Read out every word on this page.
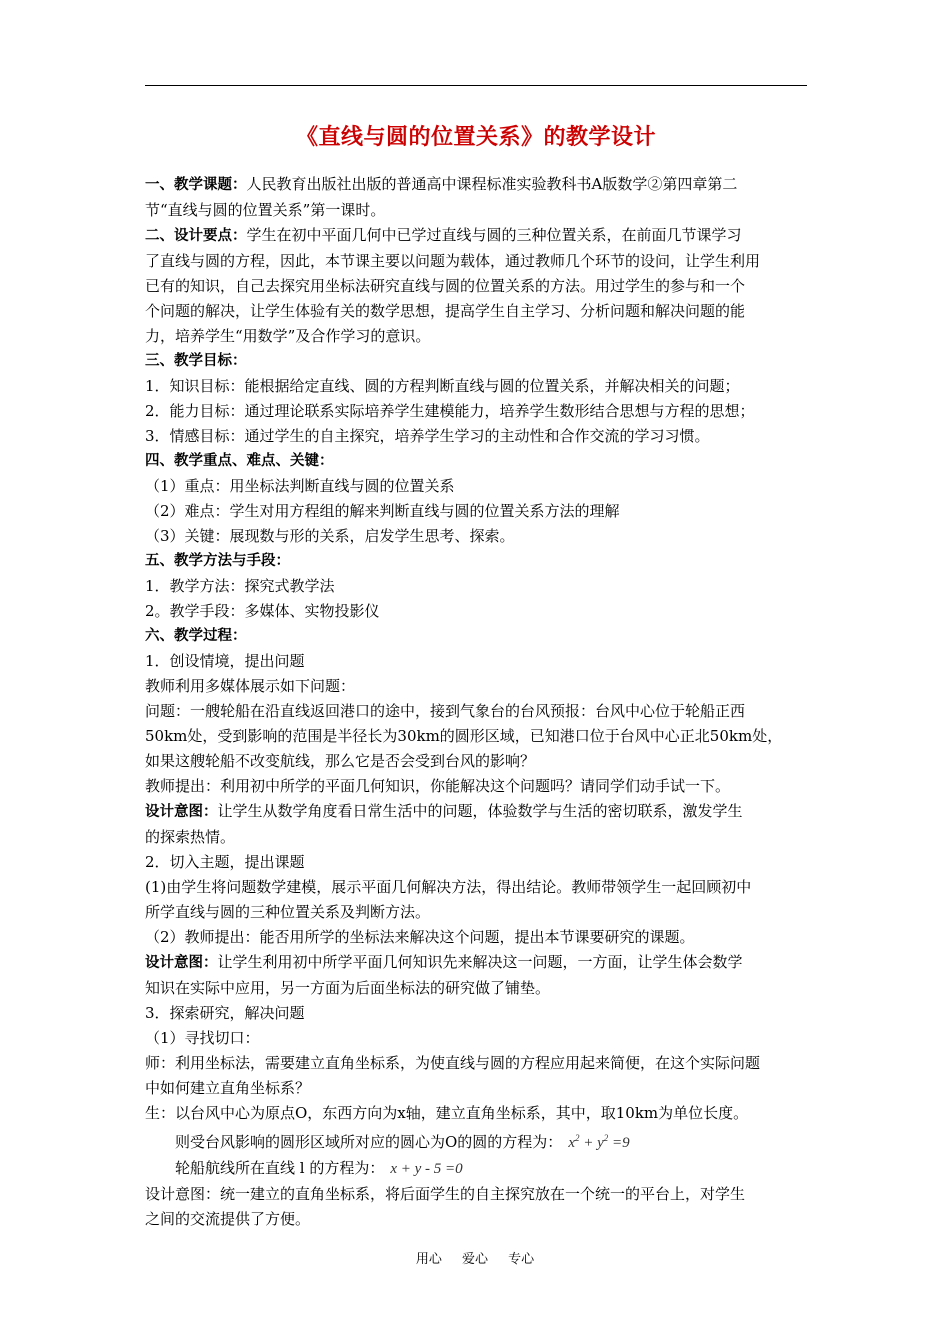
《直线与圆的位置关系》的教学设计

一、教学课题：人民教育出版社出版的普通高中课程标准实验教科书A版数学②第四章第二

节“直线与圆的位置关系”第一课时。

二、设计要点：学生在初中平面几何中已学过直线与圆的三种位置关系，在前面几节课学习

了直线与圆的方程，因此，本节课主要以问题为载体，通过教师几个环节的设问，让学生利用

已有的知识，自己去探究用坐标法研究直线与圆的位置关系的方法。用过学生的参与和一个

个问题的解决，让学生体验有关的数学思想，提高学生自主学习、分析问题和解决问题的能

力，培养学生“用数学”及合作学习的意识。

三、教学目标：

1．知识目标：能根据给定直线、圆的方程判断直线与圆的位置关系，并解决相关的问题；

2．能力目标：通过理论联系实际培养学生建模能力，培养学生数形结合思想与方程的思想；

3．情感目标：通过学生的自主探究，培养学生学习的主动性和合作交流的学习习惯。

四、教学重点、难点、关键：

（1）重点：用坐标法判断直线与圆的位置关系

（2）难点：学生对用方程组的解来判断直线与圆的位置关系方法的理解

（3）关键：展现数与形的关系，启发学生思考、探索。

五、教学方法与手段：

1．教学方法：探究式教学法

2。教学手段：多媒体、实物投影仪

六、教学过程：

1．创设情境，提出问题

教师利用多媒体展示如下问题：

问题：一艘轮船在沿直线返回港口的途中，接到气象台的台风预报：台风中心位于轮船正西

50km处，受到影响的范围是半径长为30km的圆形区域，已知港口位于台风中心正北50km处，

如果这艘轮船不改变航线，那么它是否会受到台风的影响？

教师提出：利用初中所学的平面几何知识，你能解决这个问题吗？请同学们动手试一下。

设计意图：让学生从数学角度看日常生活中的问题，体验数学与生活的密切联系，激发学生

的探索热情。

2．切入主题，提出课题

(1)由学生将问题数学建模，展示平面几何解决方法，得出结论。教师带领学生一起回顾初中

所学直线与圆的三种位置关系及判断方法。

（2）教师提出：能否用所学的坐标法来解决这个问题，提出本节课要研究的课题。

设计意图：让学生利用初中所学平面几何知识先来解决这一问题，一方面，让学生体会数学

知识在实际中应用，另一方面为后面坐标法的研究做了铺垫。

3．探索研究，解决问题

（1）寻找切口：

师：利用坐标法，需要建立直角坐标系，为使直线与圆的方程应用起来简便，在这个实际问题

中如何建立直角坐标系？

生：以台风中心为原点O，东西方向为x轴，建立直角坐标系，其中，取10km为单位长度。

则受台风影响的圆形区域所对应的圆心为O的圆的方程为： $x^2 + y^2 =9$

轮船航线所在直线 l 的方程为： x + y - 5 =0

设计意图：统一建立的直角坐标系，将后面学生的自主探究放在一个统一的平台上，对学生

之间的交流提供了方便。

用心 爱心 专心
